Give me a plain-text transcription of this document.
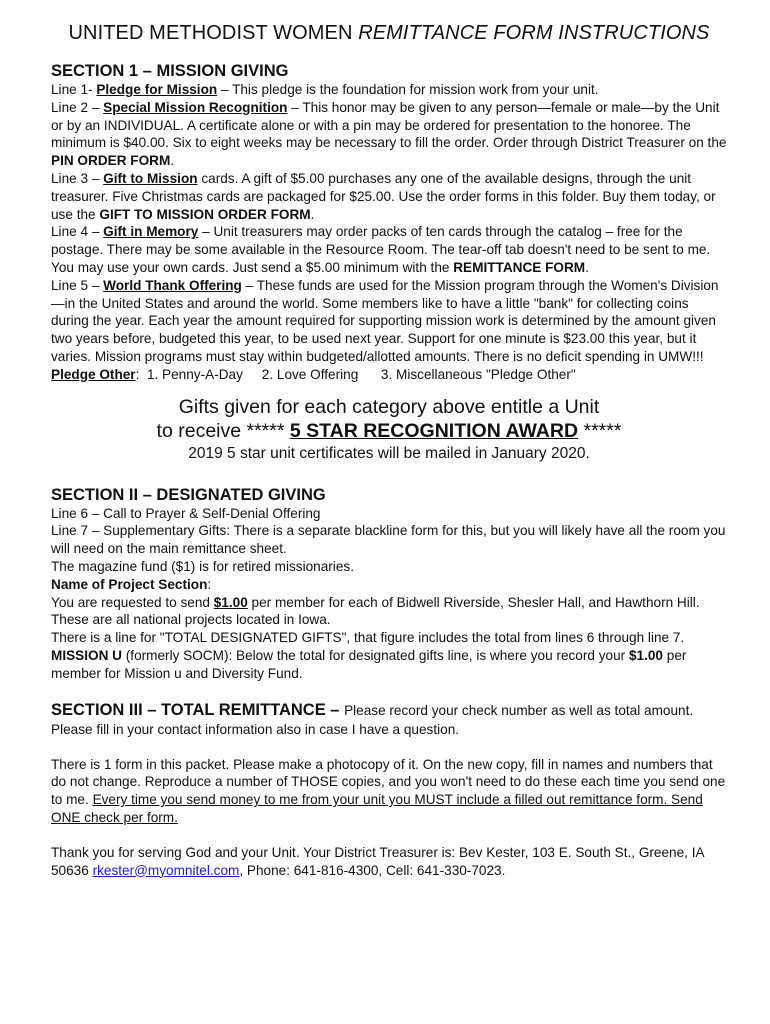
UNITED METHODIST WOMEN REMITTANCE FORM INSTRUCTIONS
SECTION 1 – MISSION GIVING

Line 1- Pledge for Mission – This pledge is the foundation for mission work from your unit.

Line 2 – Special Mission Recognition – This honor may be given to any person—female or male—by the Unit or by an INDIVIDUAL. A certificate alone or with a pin may be ordered for presentation to the honoree. The minimum is $40.00. Six to eight weeks may be necessary to fill the order. Order through District Treasurer on the PIN ORDER FORM.

Line 3 – Gift to Mission cards. A gift of $5.00 purchases any one of the available designs, through the unit treasurer. Five Christmas cards are packaged for $25.00. Use the order forms in this folder. Buy them today, or use the GIFT TO MISSION ORDER FORM.

Line 4 – Gift in Memory – Unit treasurers may order packs of ten cards through the catalog – free for the postage. There may be some available in the Resource Room. The tear-off tab doesn't need to be sent to me. You may use your own cards. Just send a $5.00 minimum with the REMITTANCE FORM.

Line 5 – World Thank Offering – These funds are used for the Mission program through the Women's Division—in the United States and around the world. Some members like to have a little "bank" for collecting coins during the year. Each year the amount required for supporting mission work is determined by the amount given two years before, budgeted this year, to be used next year. Support for one minute is $23.00 this year, but it varies. Mission programs must stay within budgeted/allotted amounts. There is no deficit spending in UMW!!!

Pledge Other:  1. Penny-A-Day     2. Love Offering      3. Miscellaneous "Pledge Other"

Gifts given for each category above entitle a Unit
to receive ***** 5 STAR RECOGNITION AWARD *****
2019 5 star unit certificates will be mailed in January 2020.
SECTION II – DESIGNATED GIVING

Line 6 – Call to Prayer & Self-Denial Offering

Line 7 – Supplementary Gifts: There is a separate blackline form for this, but you will likely have all the room you will need on the main remittance sheet.

The magazine fund ($1) is for retired missionaries.

Name of Project Section:

You are requested to send $1.00 per member for each of Bidwell Riverside, Shesler Hall, and Hawthorn Hill. These are all national projects located in Iowa.

There is a line for "TOTAL DESIGNATED GIFTS", that figure includes the total from lines 6 through line 7.

MISSION U (formerly SOCM): Below the total for designated gifts line, is where you record your $1.00 per member for Mission u and Diversity Fund.

SECTION III – TOTAL REMITTANCE – Please record your check number as well as total amount. Please fill in your contact information also in case I have a question.

There is 1 form in this packet. Please make a photocopy of it. On the new copy, fill in names and numbers that do not change. Reproduce a number of THOSE copies, and you won't need to do these each time you send one to me. Every time you send money to me from your unit you MUST include a filled out remittance form. Send ONE check per form.

Thank you for serving God and your Unit. Your District Treasurer is: Bev Kester, 103 E. South St., Greene, IA 50636 rkester@myomnitel.com, Phone: 641-816-4300, Cell: 641-330-7023.
